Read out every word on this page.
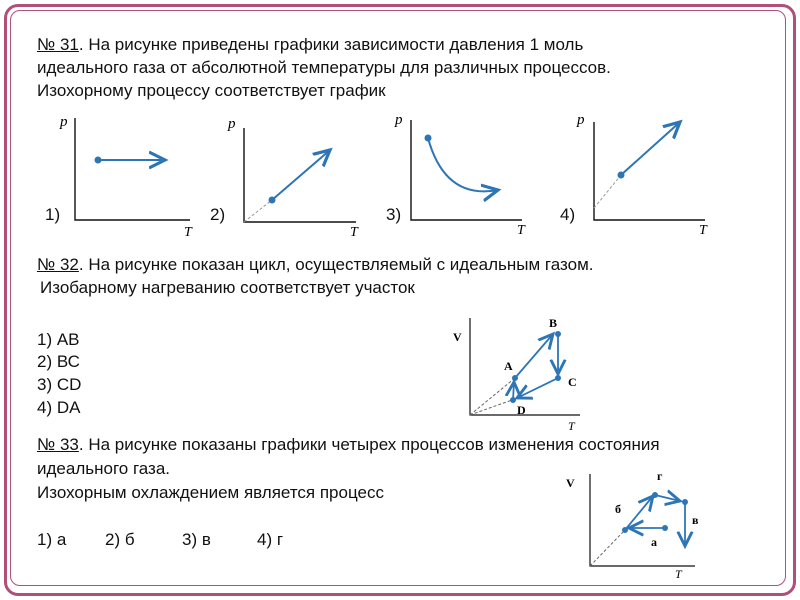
№ 31. На рисунке приведены графики зависимости давления 1 моль
идеального газа от абсолютной температуры для различных процессов.
Изохорному процессу соответствует график
1)	2)	3)	4)
p
T
p
T
p
T
p
T
№ 32. На рисунке показан цикл, осуществляемый с идеальным газом.
Изобарному нагреванию соответствует участок
1) АВ
2) ВС
3) CD
4) DA
V
T
A
B
C
D
№ 33. На рисунке показаны графики четырех процессов изменения состояния
идеального газа.
Изохорным охлаждением является процесс
1) а 2) б	3) в	4) г
V
T
г
б
в
а
